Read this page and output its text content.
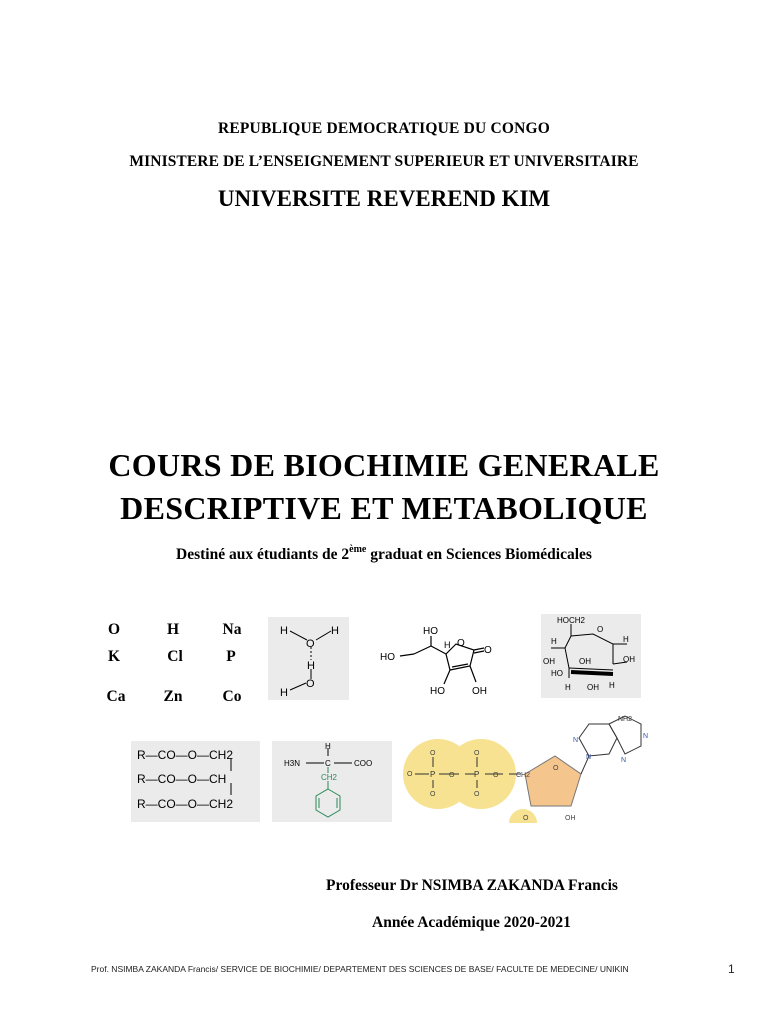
REPUBLIQUE DEMOCRATIQUE DU CONGO
MINISTERE DE L’ENSEIGNEMENT SUPERIEUR ET UNIVERSITAIRE
UNIVERSITE REVEREND KIM
COURS DE BIOCHIMIE GENERALE
DESCRIPTIVE ET METABOLIQUE
Destiné aux étudiants de 2ème graduat en Sciences Biomédicales
O	H	Na
K	Cl	P
Ca	Zn	Co
H
O
H
H
O
H
HO
HO
H O
O
HO	OH
HOCH2
O
H	H
OH	OH	OH
HO
H OH H
R—CO—O—CH2
R—CO—O—CH
R—CO—O—CH2
H
H3N	C	COO
CH2	O
O
P O
O
P O
O	O
CH2
O
NH2
N
N
N	N
O	OH
Professeur Dr NSIMBA ZAKANDA Francis
Année Académique 2020-2021
Prof. NSIMBA ZAKANDA Francis/ SERVICE DE BIOCHIMIE/ DEPARTEMENT DES SCIENCES DE BASE/ FACULTE DE MEDECINE/ UNIKIN	1
